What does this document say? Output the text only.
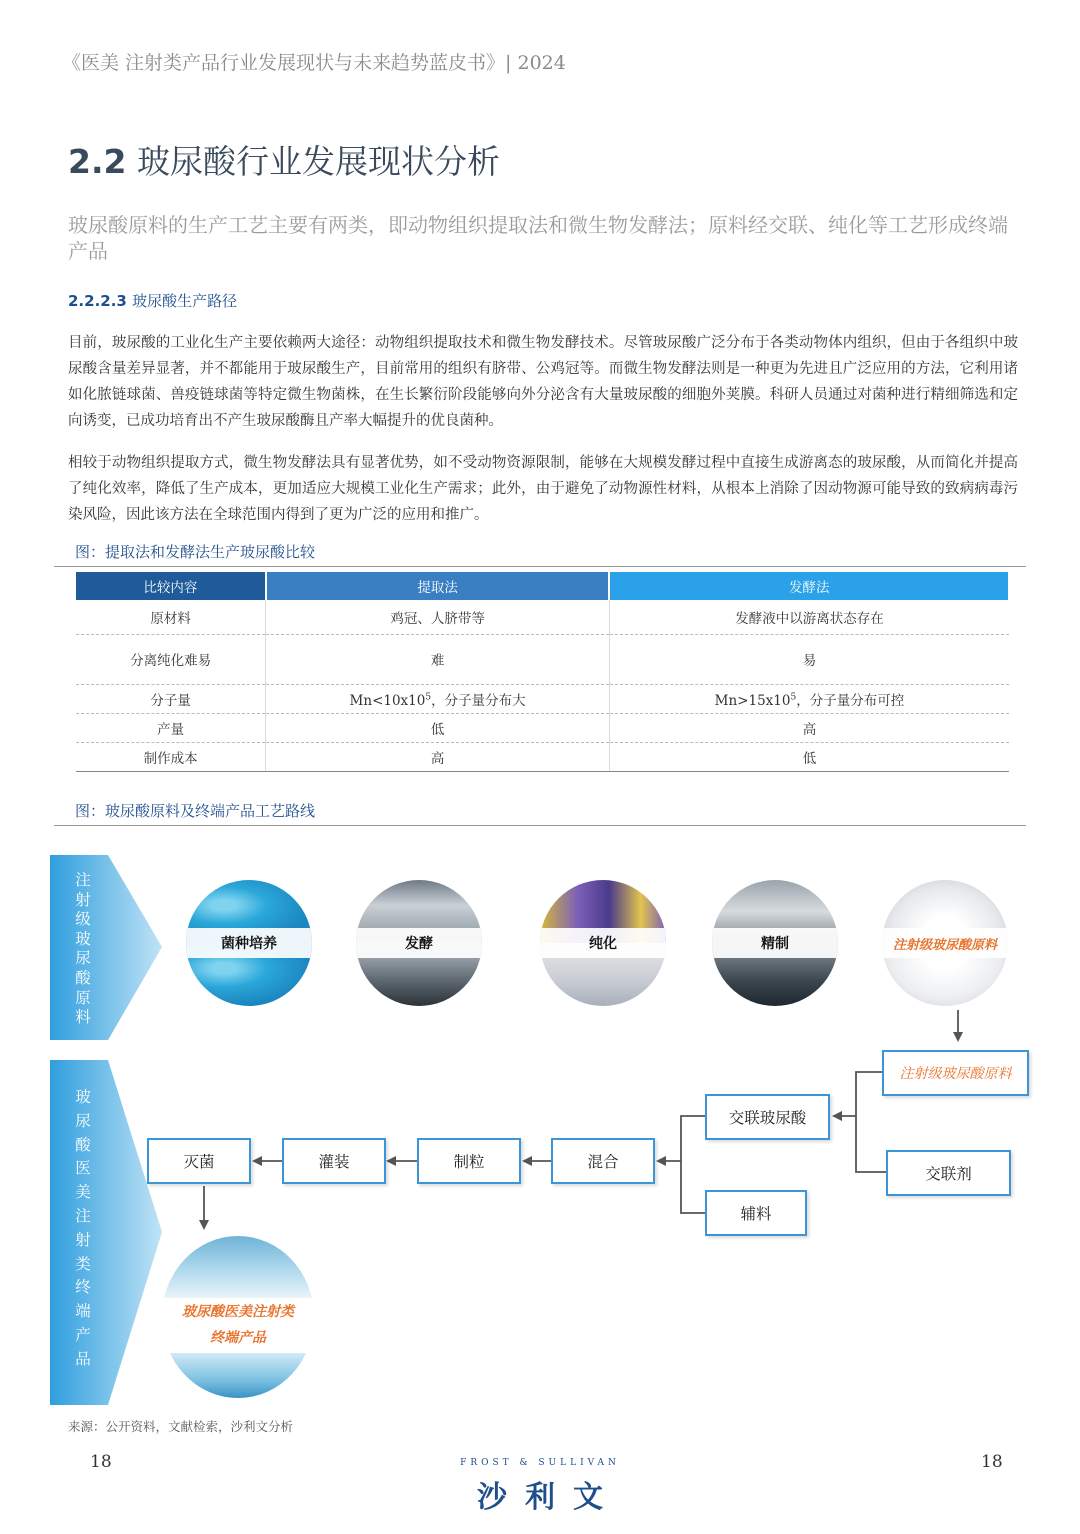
《医美 注射类产品行业发展现状与未来趋势蓝皮书》| 2024
2.2 玻尿酸行业发展现状分析
玻尿酸原料的生产工艺主要有两类，即动物组织提取法和微生物发酵法；原料经交联、纯化等工艺形成终端产品
2.2.2.3 玻尿酸生产路径

目前，玻尿酸的工业化生产主要依赖两大途径：动物组织提取技术和微生物发酵技术。尽管玻尿酸广泛分布于各类动物体内组织，但由于各组织中玻尿酸含量差异显著，并不都能用于玻尿酸生产，目前常用的组织有脐带、公鸡冠等。而微生物发酵法则是一种更为先进且广泛应用的方法，它利用诸如化脓链球菌、兽疫链球菌等特定微生物菌株，在生长繁衍阶段能够向外分泌含有大量玻尿酸的细胞外荚膜。科研人员通过对菌种进行精细筛选和定向诱变，已成功培育出不产生玻尿酸酶且产率大幅提升的优良菌种。

相较于动物组织提取方式，微生物发酵法具有显著优势，如不受动物资源限制，能够在大规模发酵过程中直接生成游离态的玻尿酸，从而简化并提高了纯化效率，降低了生产成本，更加适应大规模工业化生产需求；此外，由于避免了动物源性材料，从根本上消除了因动物源可能导致的致病病毒污染风险，因此该方法在全球范围内得到了更为广泛的应用和推广。

图：提取法和发酵法生产玻尿酸比较
比较内容	提取法	发酵法
原材料	鸡冠、人脐带等	发酵液中以游离状态存在
分离纯化难易	难	易
分子量	$Mn<10x10^5$，分子量分布大	$Mn>15x10^5$，分子量分布可控
产量	低	高
制作成本	高	低
图：玻尿酸原料及终端产品工艺路线
注射级玻尿酸原料
玻尿酸医美注射类终端产品
菌种培养	发酵	纯化	精制	注射级玻尿酸原料
注射级玻尿酸原料
交联剂
交联玻尿酸
辅料
混合
制粒
灌装
灭菌
玻尿酸医美注射类
终端产品
来源：公开资料，文献检索，沙利文分析
18	18
FROST & SULLIVAN
沙利文
